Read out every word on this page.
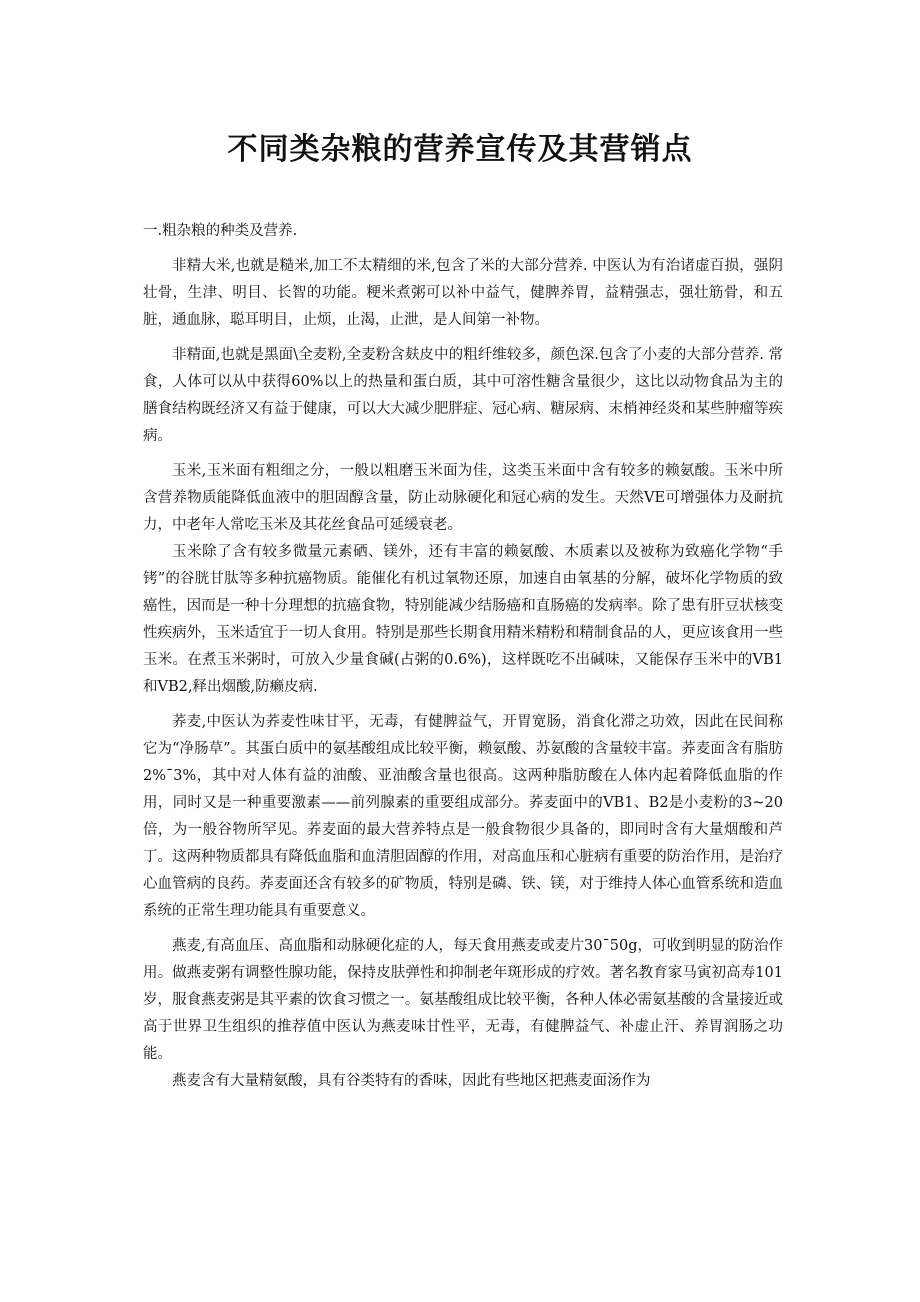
不同类杂粮的营养宣传及其营销点

一.粗杂粮的种类及营养.

非精大米,也就是糙米,加工不太精细的米,包含了米的大部分营养. 中医认为有治诸虚百损，强阴壮骨，生津、明目、长智的功能。粳米煮粥可以补中益气，健脾养胃，益精强志，强壮筋骨，和五脏，通血脉，聪耳明目，止烦，止渴，止泄，是人间第一补物。

非精面,也就是黑面\全麦粉,全麦粉含麸皮中的粗纤维较多，颜色深.包含了小麦的大部分营养. 常食，人体可以从中获得60%以上的热量和蛋白质，其中可溶性糖含量很少，这比以动物食品为主的膳食结构既经济又有益于健康，可以大大减少肥胖症、冠心病、糖尿病、末梢神经炎和某些肿瘤等疾病。

玉米,玉米面有粗细之分，一般以粗磨玉米面为佳，这类玉米面中含有较多的赖氨酸。玉米中所含营养物质能降低血液中的胆固醇含量，防止动脉硬化和冠心病的发生。天然VE可增强体力及耐抗力，中老年人常吃玉米及其花丝食品可延缓衰老。

玉米除了含有较多微量元素硒、镁外，还有丰富的赖氨酸、木质素以及被称为致癌化学物“手铐”的谷胱甘肽等多种抗癌物质。能催化有机过氧物还原，加速自由氧基的分解，破坏化学物质的致癌性，因而是一种十分理想的抗癌食物，特别能减少结肠癌和直肠癌的发病率。除了患有肝豆状核变性疾病外，玉米适宜于一切人食用。特别是那些长期食用精米精粉和精制食品的人，更应该食用一些玉米。在煮玉米粥时，可放入少量食碱(占粥的0.6%)，这样既吃不出碱味，又能保存玉米中的VB1和VB2,释出烟酸,防癞皮病.

荞麦,中医认为荞麦性味甘平，无毒，有健脾益气，开胃宽肠，消食化滞之功效，因此在民间称它为“净肠草”。其蛋白质中的氨基酸组成比较平衡，赖氨酸、苏氨酸的含量较丰富。荞麦面含有脂肪2%¯3%，其中对人体有益的油酸、亚油酸含量也很高。这两种脂肪酸在人体内起着降低血脂的作用，同时又是一种重要激素——前列腺素的重要组成部分。荞麦面中的VB1、B2是小麦粉的3~20倍，为一般谷物所罕见。荞麦面的最大营养特点是一般食物很少具备的，即同时含有大量烟酸和芦丁。这两种物质都具有降低血脂和血清胆固醇的作用，对高血压和心脏病有重要的防治作用，是治疗心血管病的良药。荞麦面还含有较多的矿物质，特别是磷、铁、镁，对于维持人体心血管系统和造血系统的正常生理功能具有重要意义。

燕麦,有高血压、高血脂和动脉硬化症的人，每天食用燕麦或麦片30¯50g，可收到明显的防治作用。做燕麦粥有调整性腺功能，保持皮肤弹性和抑制老年斑形成的疗效。著名教育家马寅初高寿101岁，服食燕麦粥是其平素的饮食习惯之一。氨基酸组成比较平衡，各种人体必需氨基酸的含量接近或高于世界卫生组织的推荐值中医认为燕麦味甘性平，无毒，有健脾益气、补虚止汗、养胃润肠之功能。

燕麦含有大量精氨酸，具有谷类特有的香味，因此有些地区把燕麦面汤作为
